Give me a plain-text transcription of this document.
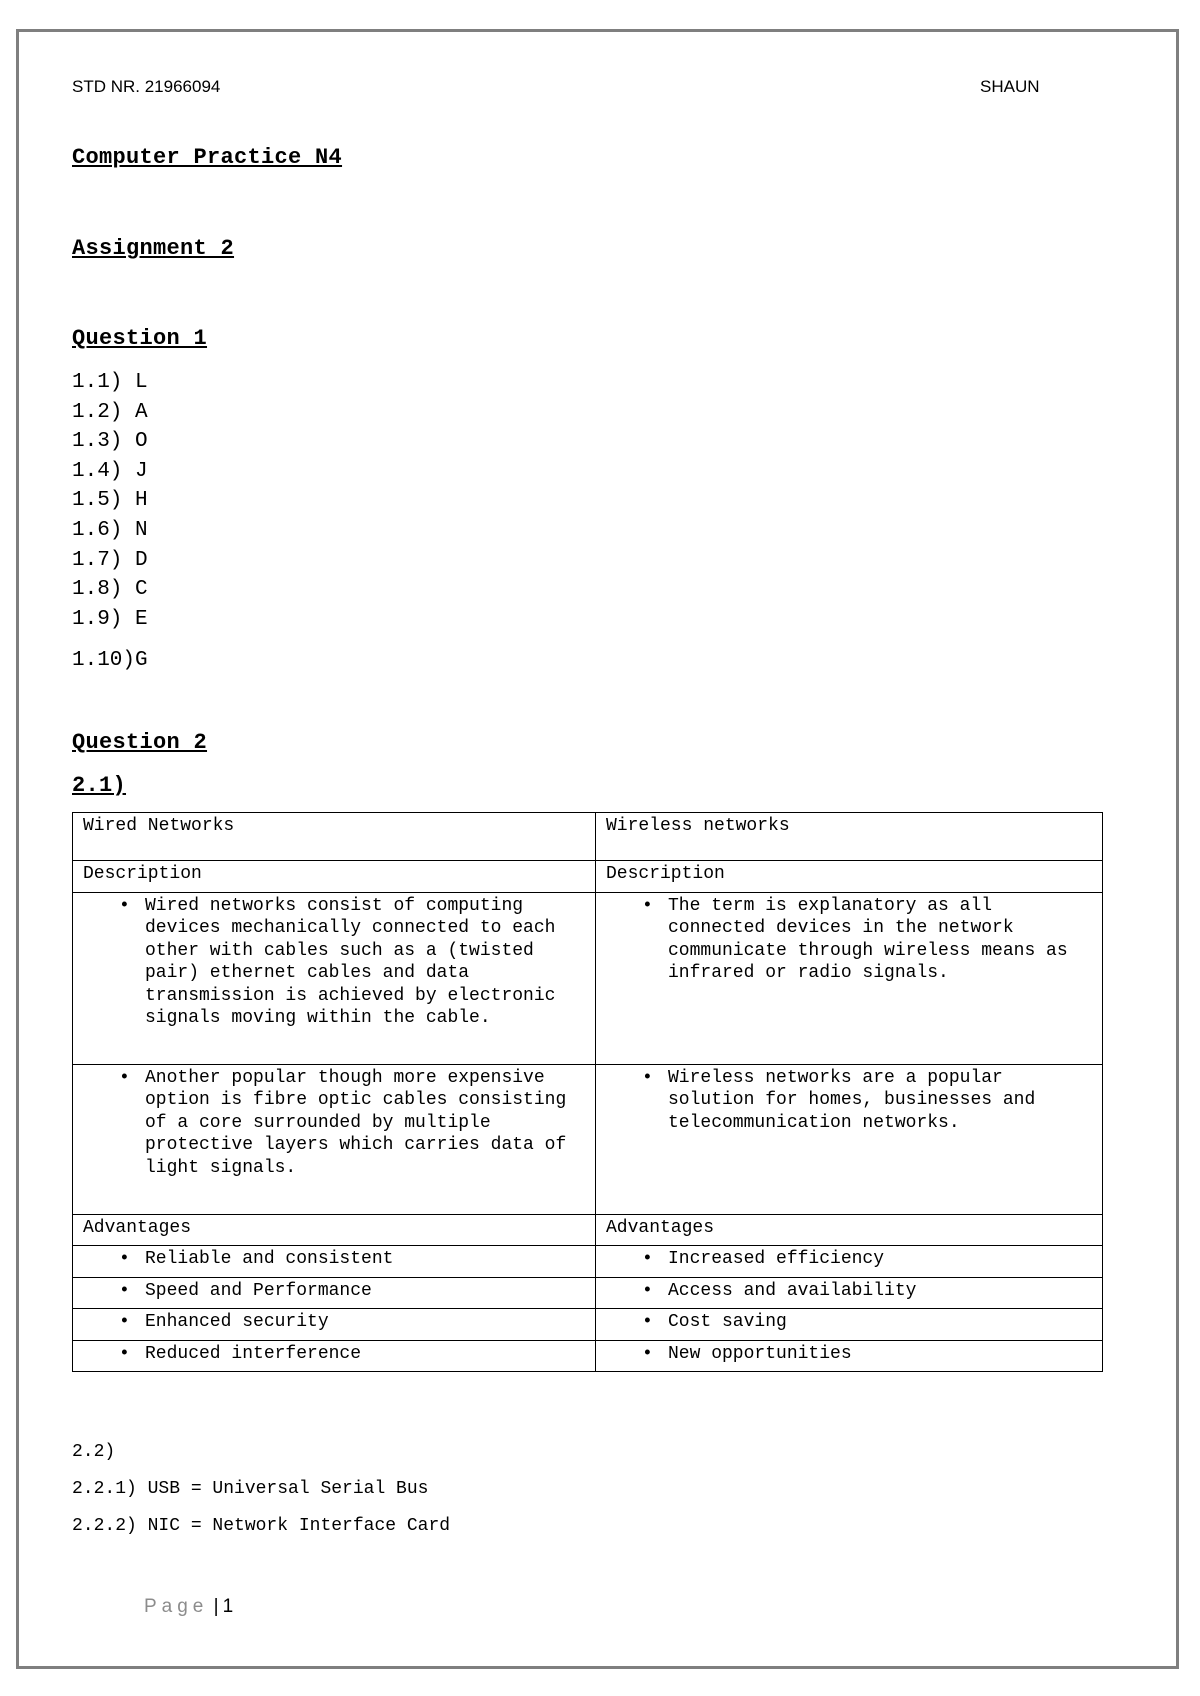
STD NR. 21966094	SHAUN
Computer Practice N4
Assignment 2
Question 1
1.1) L
1.2) A
1.3) O
1.4) J
1.5) H
1.6) N
1.7) D
1.8) C
1.9) E
1.10)G
Question 2
2.1)
Wired Networks	Wireless networks
Description	Description

• Wired networks consist of computing devices mechanically connected to each other with cables such as a (twisted pair) ethernet cables and data transmission is achieved by electronic signals moving within the cable.	• The term is explanatory as all connected devices in the network communicate through wireless means as infrared or radio signals.

• Another popular though more expensive option is fibre optic cables consisting of a core surrounded by multiple protective layers which carries data of light signals.	• Wireless networks are a popular solution for homes, businesses and telecommunication networks.

Advantages	Advantages

• Reliable and consistent	• Increased efficiency

• Speed and Performance	• Access and availability

• Enhanced security	• Cost saving

• Reduced interference	• New opportunities
2.2)
2.2.1) USB = Universal Serial Bus
2.2.2) NIC = Network Interface Card
Page | 1
